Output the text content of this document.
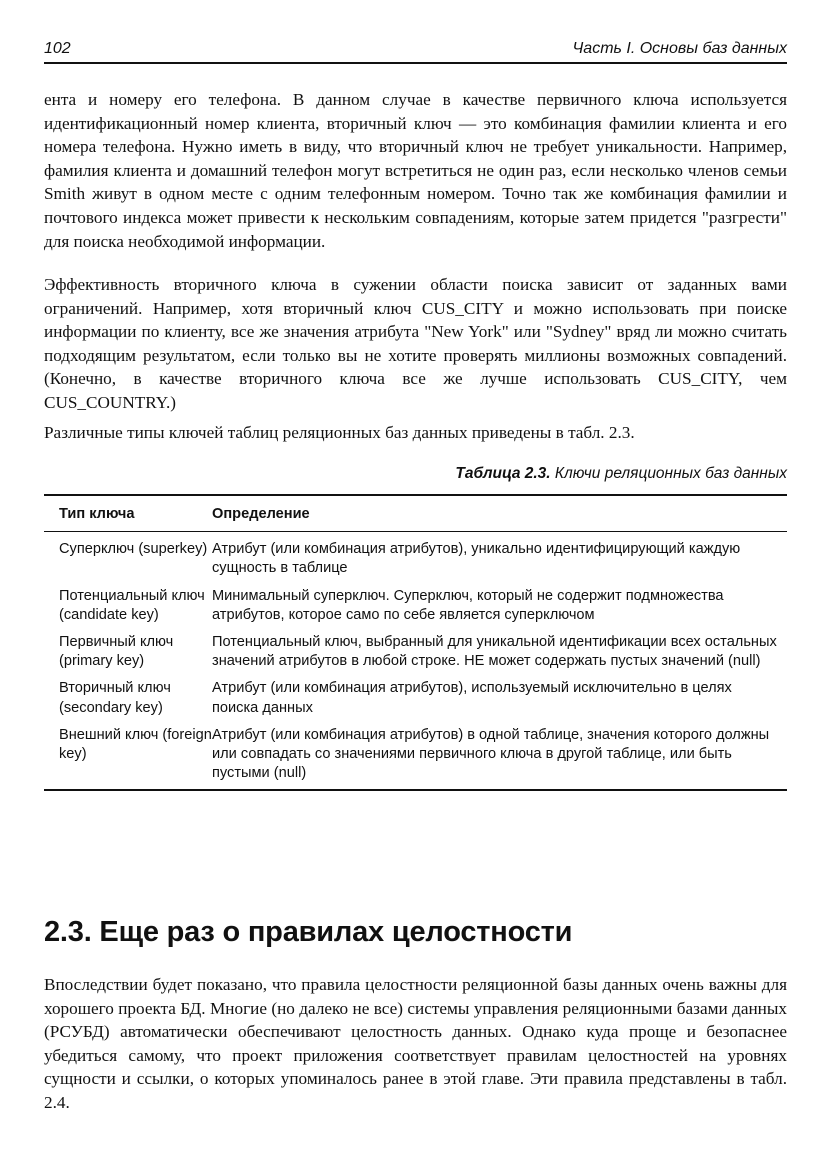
102	Часть I. Основы баз данных

ента и номеру его телефона. В данном случае в качестве первичного ключа используется идентификационный номер клиента, вторичный ключ — это комбинация фамилии клиента и его номера телефона. Нужно иметь в виду, что вторичный ключ не требует уникальности. Например, фамилия клиента и домашний телефон могут встретиться не один раз, если несколько членов семьи Smith живут в одном месте с одним телефонным номером. Точно так же комбинация фамилии и почтового индекса может привести к нескольким совпадениям, которые затем придется "разгрести" для поиска необходимой информации.

Эффективность вторичного ключа в сужении области поиска зависит от заданных вами ограничений. Например, хотя вторичный ключ CUS_CITY и можно использовать при поиске информации по клиенту, все же значения атрибута "New York" или "Sydney" вряд ли можно считать подходящим результатом, если только вы не хотите проверять миллионы возможных совпадений. (Конечно, в качестве вторичного ключа все же лучше использовать CUS_CITY, чем CUS_COUNTRY.)

Различные типы ключей таблиц реляционных баз данных приведены в табл. 2.3.

Таблица 2.3. Ключи реляционных баз данных
Тип ключа	Определение
Суперключ (superkey) Атрибут (или комбинация атрибутов), уникально идентифицирующий каждую сущность в таблице
Потенциальный ключ (candidate key)
Минимальный суперключ. Суперключ, который не содержит подмножества атрибутов, которое само по себе является суперключом
Первичный ключ (primary key)
Потенциальный ключ, выбранный для уникальной идентификации всех остальных значений атрибутов в любой строке. НЕ может содержать пустых значений (null)
Вторичный ключ (secondary key)
Атрибут (или комбинация атрибутов), используемый исключительно в целях поиска данных
Внешний ключ (foreign key)
Атрибут (или комбинация атрибутов) в одной таблице, значения которого должны или совпадать со значениями первичного ключа в другой таблице, или быть пустыми (null)
2.3. Еще раз о правилах целостности

Впоследствии будет показано, что правила целостности реляционной базы данных очень важны для хорошего проекта БД. Многие (но далеко не все) системы управления реляционными базами данных (РСУБД) автоматически обеспечивают целостность данных. Однако куда проще и безопаснее убедиться самому, что проект приложения соответствует правилам целостностей на уровнях сущности и ссылки, о которых упоминалось ранее в этой главе. Эти правила представлены в табл. 2.4.
